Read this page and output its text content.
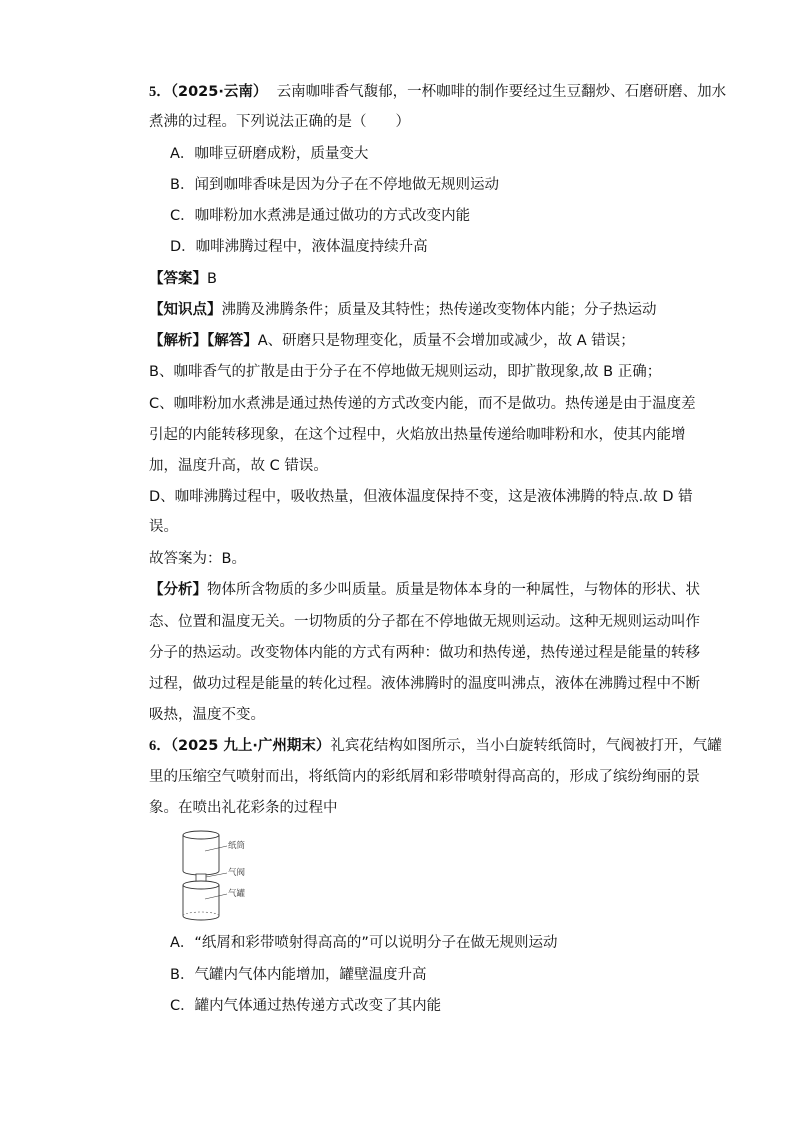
5．（2025·云南） 云南咖啡香气馥郁，一杯咖啡的制作要经过生豆翻炒、石磨研磨、加水
煮沸的过程。下列说法正确的是（　　）
A．咖啡豆研磨成粉，质量变大
B．闻到咖啡香味是因为分子在不停地做无规则运动
C．咖啡粉加水煮沸是通过做功的方式改变内能
D．咖啡沸腾过程中，液体温度持续升高
【答案】B
【知识点】沸腾及沸腾条件；质量及其特性；热传递改变物体内能；分子热运动
【解析】【解答】A、研磨只是物理变化，质量不会增加或减少，故 A 错误；
B、咖啡香气的扩散是由于分子在不停地做无规则运动，即扩散现象,故 B 正确；
C、咖啡粉加水煮沸是通过热传递的方式改变内能，而不是做功。热传递是由于温度差
引起的内能转移现象，在这个过程中，火焰放出热量传递给咖啡粉和水，使其内能增
加，温度升高，故 C 错误。
D、咖啡沸腾过程中，吸收热量，但液体温度保持不变，这是液体沸腾的特点.故 D 错
误。
故答案为：B。
【分析】物体所含物质的多少叫质量。质量是物体本身的一种属性，与物体的形状、状
态、位置和温度无关。一切物质的分子都在不停地做无规则运动。这种无规则运动叫作
分子的热运动。改变物体内能的方式有两种：做功和热传递，热传递过程是能量的转移
过程，做功过程是能量的转化过程。液体沸腾时的温度叫沸点，液体在沸腾过程中不断
吸热，温度不变。
6．（2025 九上·广州期末）礼宾花结构如图所示，当小白旋转纸筒时，气阀被打开，气罐
里的压缩空气喷射而出，将纸筒内的彩纸屑和彩带喷射得高高的，形成了缤纷绚丽的景
象。在喷出礼花彩条的过程中
纸筒
气阀
气罐
A．“纸屑和彩带喷射得高高的”可以说明分子在做无规则运动
B．气罐内气体内能增加，罐壁温度升高
C．罐内气体通过热传递方式改变了其内能
